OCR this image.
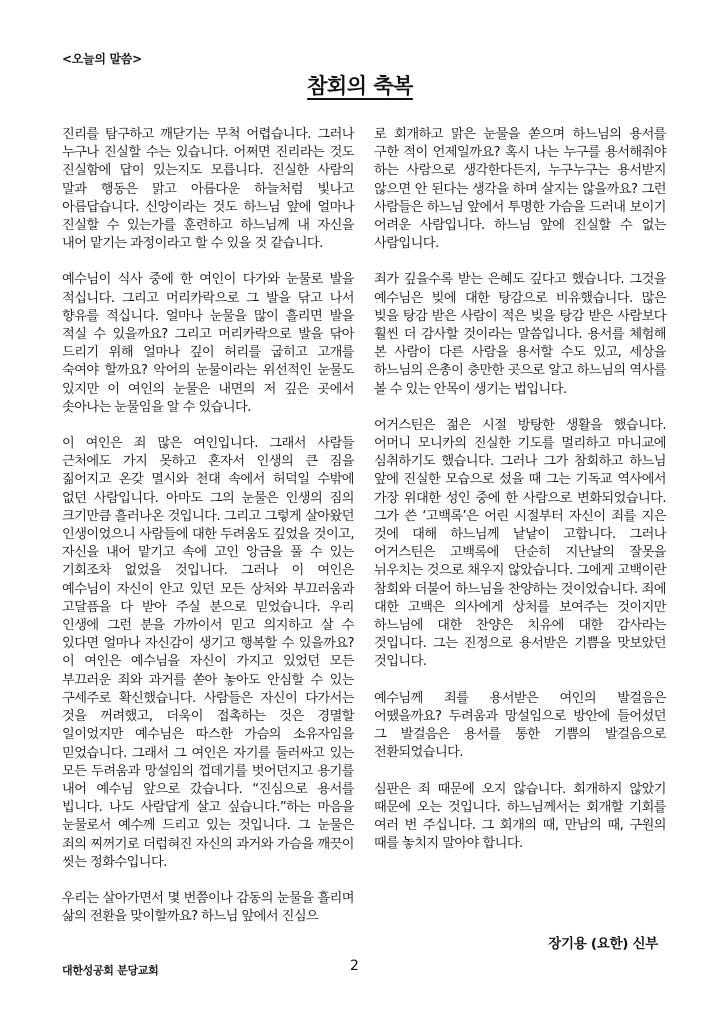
<오늘의 말씀>
참회의 축복

진리를 탐구하고 깨닫기는 무척 어렵습니다. 그러나 누구나 진실할 수는 있습니다. 어쩌면 진리라는 것도 진실함에 답이 있는지도 모릅니다. 진실한 사람의 말과 행동은 맑고 아름다운 하늘처럼 빛나고 아름답습니다. 신앙이라는 것도 하느님 앞에 얼마나 진실할 수 있는가를 훈련하고 하느님께 내 자신을 내어 맡기는 과정이라고 할 수 있을 것 같습니다.

예수님이 식사 중에 한 여인이 다가와 눈물로 발을 적십니다. 그리고 머리카락으로 그 발을 닦고 나서 향유를 적십니다. 얼마나 눈물을 많이 흘리면 발을 적실 수 있을까요? 그리고 머리카락으로 발을 닦아 드리기 위해 얼마나 깊이 허리를 굽히고 고개를 숙여야 할까요? 악어의 눈물이라는 위선적인 눈물도 있지만 이 여인의 눈물은 내면의 저 깊은 곳에서 솟아나는 눈물임을 알 수 있습니다.

이 여인은 죄 많은 여인입니다. 그래서 사람들 근처에도 가지 못하고 혼자서 인생의 큰 짐을 짊어지고 온갖 멸시와 천대 속에서 허덕일 수밖에 없던 사람입니다. 아마도 그의 눈물은 인생의 짐의 크기만큼 흘러나온 것입니다. 그리고 그렇게 살아왔던 인생이었으니 사람들에 대한 두려움도 깊었을 것이고, 자신을 내어 맡기고 속에 고인 앙금을 풀 수 있는 기회조차 없었을 것입니다. 그러나 이 여인은 예수님이 자신이 안고 있던 모든 상처와 부끄러움과 고달픔을 다 받아 주실 분으로 믿었습니다. 우리 인생에 그런 분을 가까이서 믿고 의지하고 살 수 있다면 얼마나 자신감이 생기고 행복할 수 있을까요? 이 여인은 예수님을 자신이 가지고 있었던 모든 부끄러운 죄와 과거를 쏟아 놓아도 안심할 수 있는 구세주로 확신했습니다. 사람들은 자신이 다가서는 것을 꺼려했고, 더욱이 접촉하는 것은 경멸할 일이었지만 예수님은 따스한 가슴의 소유자임을 믿었습니다. 그래서 그 여인은 자기를 둘러싸고 있는 모든 두려움과 망설임의 껍데기를 벗어던지고 용기를 내어 예수님 앞으로 갔습니다. “진심으로 용서를 빕니다. 나도 사람답게 살고 싶습니다.”하는 마음을 눈물로서 예수께 드리고 있는 것입니다. 그 눈물은 죄의 찌꺼기로 더럽혀진 자신의 과거와 가슴을 깨끗이 씻는 정화수입니다.

우리는 살아가면서 몇 번쯤이나 감동의 눈물을 흘리며 삶의 전환을 맞이할까요? 하느님 앞에서 진심으

로 회개하고 맑은 눈물을 쏟으며 하느님의 용서를 구한 적이 언제일까요? 혹시 나는 누구를 용서해줘야 하는 사람으로 생각한다든지, 누구누구는 용서받지 않으면 안 된다는 생각을 하며 살지는 않을까요? 그런 사람들은 하느님 앞에서 투명한 가슴을 드러내 보이기 어려운 사람입니다. 하느님 앞에 진실할 수 없는 사람입니다.

죄가 깊을수록 받는 은혜도 깊다고 했습니다. 그것을 예수님은 빚에 대한 탕감으로 비유했습니다. 많은 빚을 탕감 받은 사람이 적은 빚을 탕감 받은 사람보다 훨씬 더 감사할 것이라는 말씀입니다. 용서를 체험해 본 사람이 다른 사람을 용서할 수도 있고, 세상을 하느님의 은총이 충만한 곳으로 알고 하느님의 역사를 볼 수 있는 안목이 생기는 법입니다.

어거스틴은 젊은 시절 방탕한 생활을 했습니다. 어머니 모니카의 진실한 기도를 멀리하고 마니교에 심취하기도 했습니다. 그러나 그가 참회하고 하느님 앞에 진실한 모습으로 섰을 때 그는 기독교 역사에서 가장 위대한 성인 중에 한 사람으로 변화되었습니다. 그가 쓴 ‘고백록’은 어린 시절부터 자신이 죄를 지은 것에 대해 하느님께 낱낱이 고합니다. 그러나 어거스틴은 고백록에 단순히 지난날의 잘못을 뉘우치는 것으로 채우지 않았습니다. 그에게 고백이란 참회와 더불어 하느님을 찬양하는 것이었습니다. 죄에 대한 고백은 의사에게 상처를 보여주는 것이지만 하느님에 대한 찬양은 치유에 대한 감사라는 것입니다. 그는 진정으로 용서받은 기쁨을 맛보았던 것입니다.

예수님께 죄를 용서받은 여인의 발걸음은 어땠을까요? 두려움과 망설임으로 방안에 들어섰던 그 발걸음은 용서를 통한 기쁨의 발걸음으로 전환되었습니다.

심판은 죄 때문에 오지 않습니다. 회개하지 않았기 때문에 오는 것입니다. 하느님께서는 회개할 기회를 여러 번 주십니다. 그 회개의 때, 만남의 때, 구원의 때를 놓치지 말아야 합니다.

장기용 (요한) 신부
대한성공회 분당교회	2
